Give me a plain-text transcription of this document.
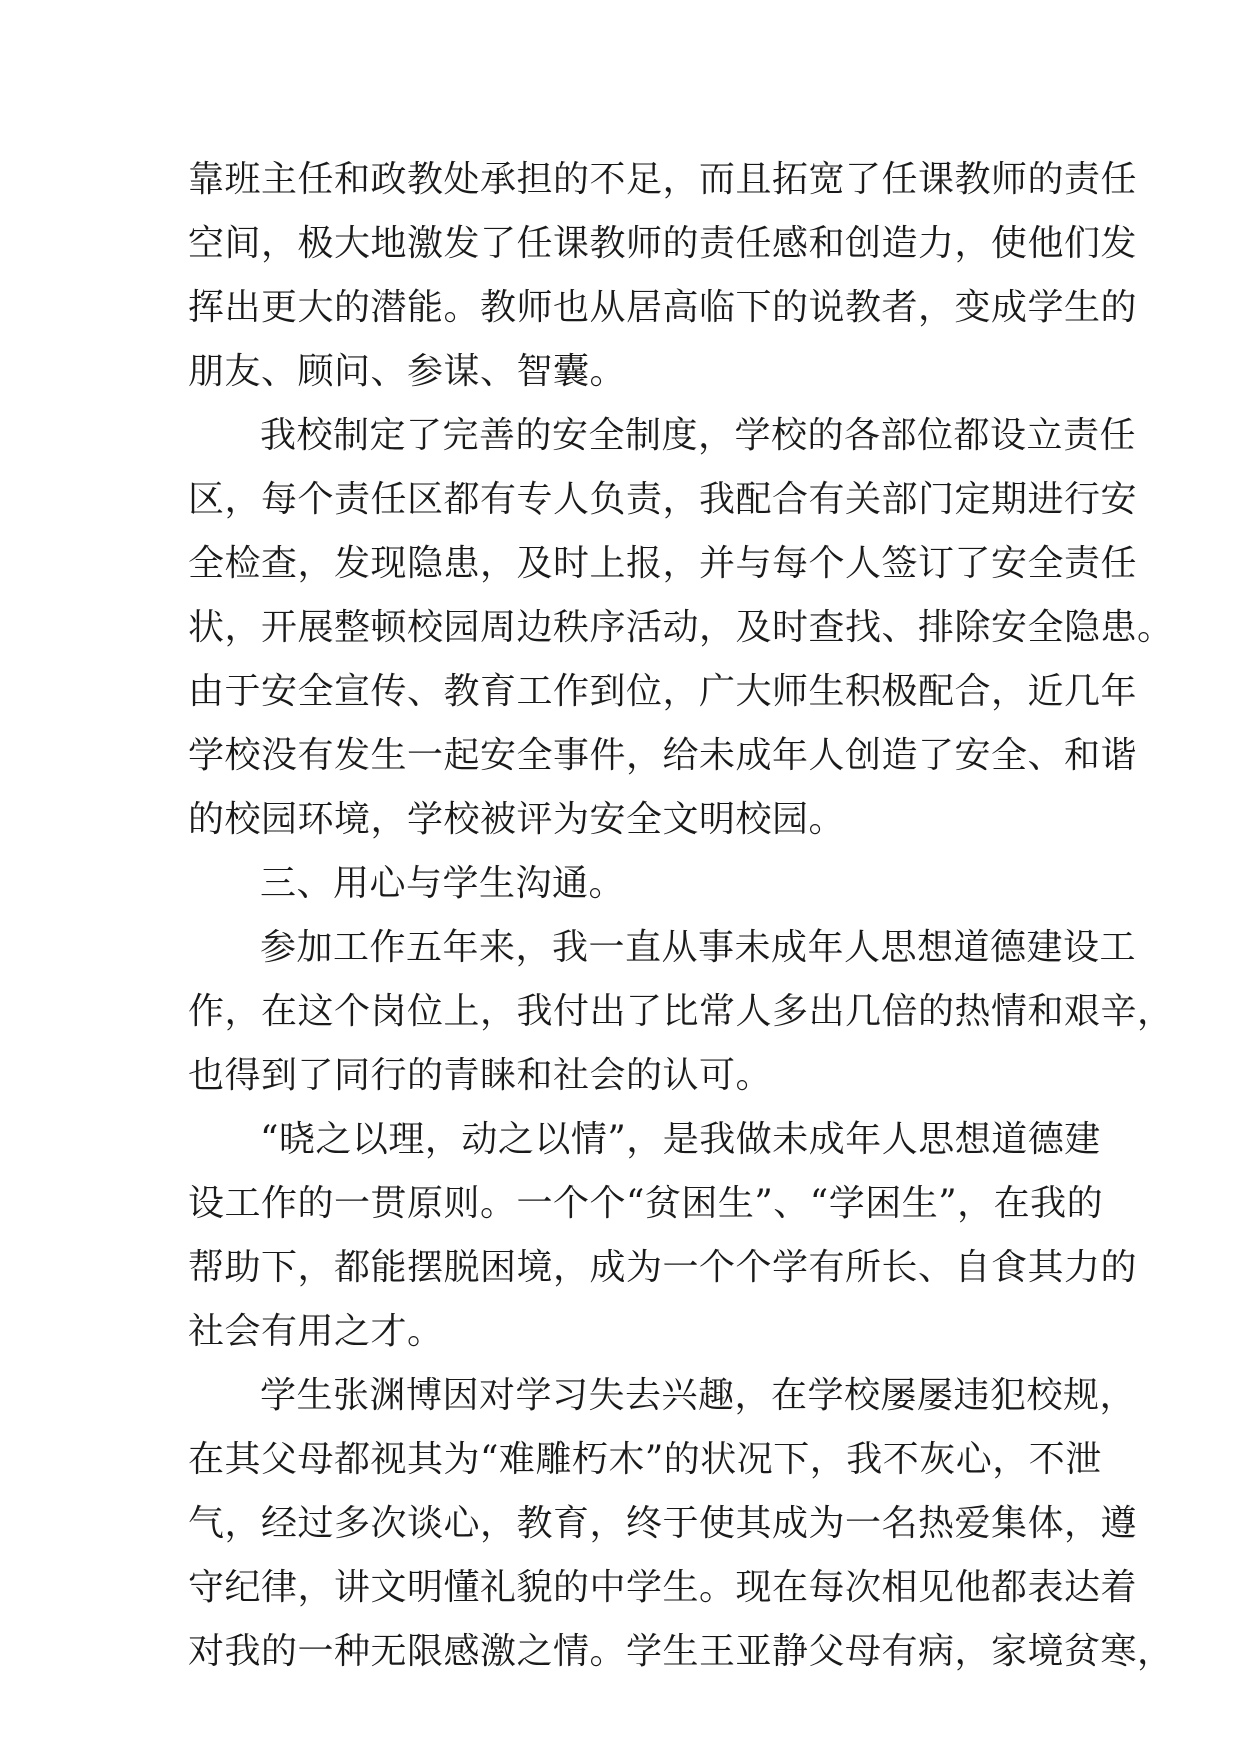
靠班主任和政教处承担的不足，而且拓宽了任课教师的责任
空间，极大地激发了任课教师的责任感和创造力，使他们发
挥出更大的潜能。教师也从居高临下的说教者，变成学生的
朋友、顾问、参谋、智囊。
我校制定了完善的安全制度，学校的各部位都设立责任
区，每个责任区都有专人负责，我配合有关部门定期进行安
全检查，发现隐患，及时上报，并与每个人签订了安全责任
状，开展整顿校园周边秩序活动，及时查找、排除安全隐患。
由于安全宣传、教育工作到位，广大师生积极配合，近几年
学校没有发生一起安全事件，给未成年人创造了安全、和谐
的校园环境，学校被评为安全文明校园。
三、用心与学生沟通。
参加工作五年来，我一直从事未成年人思想道德建设工
作，在这个岗位上，我付出了比常人多出几倍的热情和艰辛，
也得到了同行的青睐和社会的认可。
“晓之以理，动之以情”，是我做未成年人思想道德建
设工作的一贯原则。一个个“贫困生”、“学困生”，在我的
帮助下，都能摆脱困境，成为一个个学有所长、自食其力的
社会有用之才。
学生张渊博因对学习失去兴趣，在学校屡屡违犯校规，
在其父母都视其为“难雕朽木”的状况下，我不灰心，不泄
气，经过多次谈心，教育，终于使其成为一名热爱集体，遵
守纪律，讲文明懂礼貌的中学生。现在每次相见他都表达着
对我的一种无限感激之情。学生王亚静父母有病，家境贫寒，
